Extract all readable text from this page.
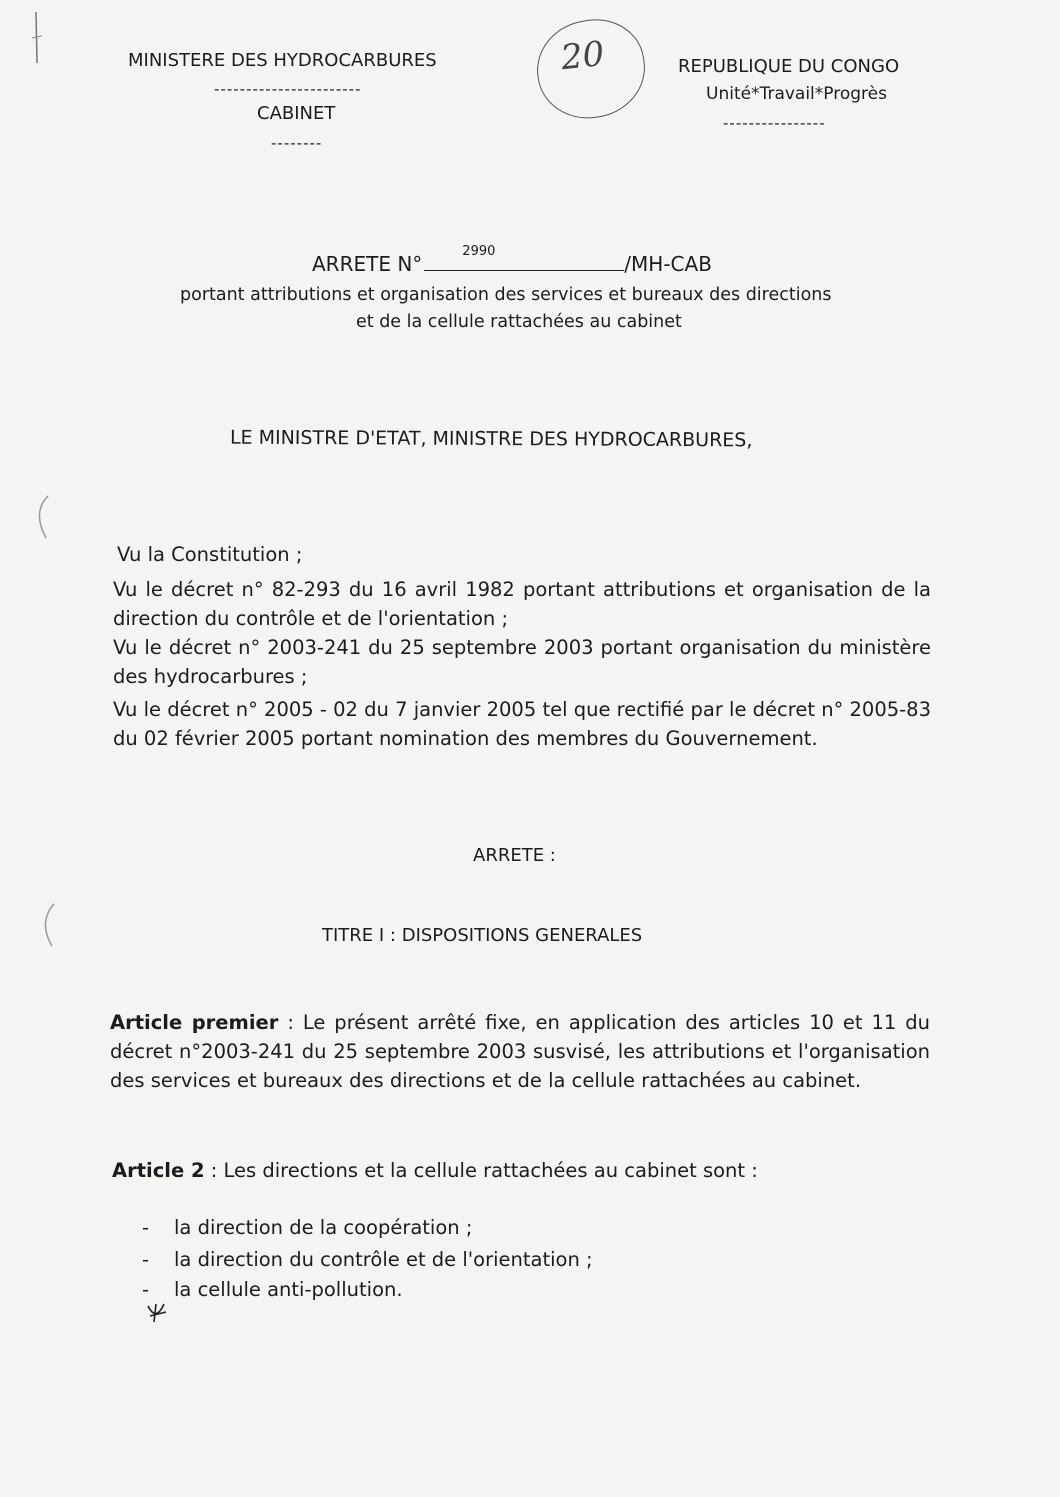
MINISTERE DES HYDROCARBURES
-----------------------
CABINET
--------
20	REPUBLIQUE DU CONGO
Unité*Travail*Progrès
----------------
ARRETE N°
2990
/MH-CAB
portant attributions et organisation des services et bureaux des directions
et de la cellule rattachées au cabinet
LE MINISTRE D'ETAT, MINISTRE DES HYDROCARBURES,
Vu la Constitution ;
Vu le décret n° 82-293 du 16 avril 1982 portant attributions et organisation de la direction du contrôle et de l'orientation ;
Vu le décret n° 2003-241 du 25 septembre 2003 portant organisation du ministère des hydrocarbures ;
Vu le décret n° 2005 - 02 du 7 janvier 2005 tel que rectifié par le décret n° 2005-83 du 02 février 2005 portant nomination des membres du Gouvernement.
ARRETE :
TITRE I : DISPOSITIONS GENERALES
Article premier : Le présent arrêté fixe, en application des articles 10 et 11 du décret n°2003-241 du 25 septembre 2003 susvisé, les attributions et l'organisation des services et bureaux des directions et de la cellule rattachées au cabinet.
Article 2 : Les directions et la cellule rattachées au cabinet sont :
- la direction de la coopération ;
- la direction du contrôle et de l'orientation ;
- la cellule anti-pollution.
